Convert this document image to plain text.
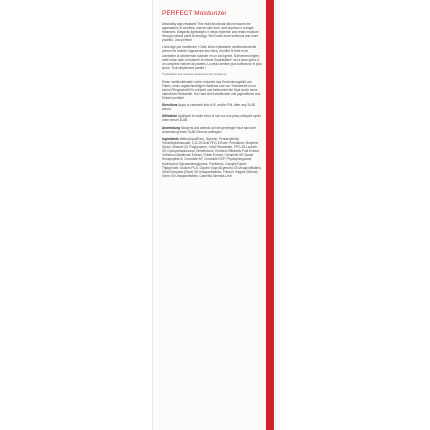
PERFECT Moisturizer

Absolutely age-resistant! This multi-functional lotion reduces the appearance of wrinkles, uneven skin tone, and dryness in a single treatment. Elegantly lightweight, it helps replenish and retain moisture through natural plant technology. Skin looks more luminous and more youthful. Just perfect!

L'anti-âge par excellence ! Cette lotion hydratante multifonctionnelle permet de réduire l'apparence des rides, d'unifier le teint et de combattre la sécheresse cutanée en un seul geste. Divinement légère, cette lotion aide à restaurer et retenir l'hydratation* de la peau grâce à un complexe naturel de plantes. La peau semble plus lumineuse et plus jeune. Tout simplement parfait !

*hydratation des couches supérieures de l'épiderme.

Diese multifunktionale Lotion reduziert das Erscheinungsbild von Falten, eines ungleichmäßigen Hauttons und von Trockenheit in nur einem Pflegeschritt! Es erfrischt und befeuchtet die Haut durch seine natürlichen Wirkstoffe. Die Haut sieht strahlender und jugendlicher aus. Einfach perfekt!

Directions Apply to cleansed skin A.M. and/or P.M. after any 3LAB serum.

Utilisation Appliquer le matin et/ou le soir sur une peau nettoyée après votre sérum 3LAB.

Anwendung Morgens und abends auf die gereinigte Haut nach der Anwendung eines 3LAB Serums auftragen.

Ingredients Water(Aqua/Eau), Glycerin, Pentaerythrityl Tetraethylhexanoate, C12-20 Acid PEG-8 Ester, Petrolatum, Butylene Glycol, Mineral Oil, Polypropene, Cetyl Ricinoleate, PPG-25-Laureth-25, Cyclopentasiloxane, Dimethicone, Emblica Officinalis Fruit Extract, Crithmum Maritimum Extract, Pollen Extract, Ceramide NP, Acetyl Hexapeptide-8, Ceramide AP, Ceramide EOP, Phytosphingosine, Hydrolyzed Glycosaminoglycans, Panthenol, Caprylic/Capric Triglyceride, Sodium PCA, Glycine Soja (Soybean) Oil Unsaponifiables, Olea Europaea (Olive) Oil Unsaponifiables, Triticum Vulgare (Wheat) Germ Oil Unsaponifiables, Camellia Sinensis Leaf
